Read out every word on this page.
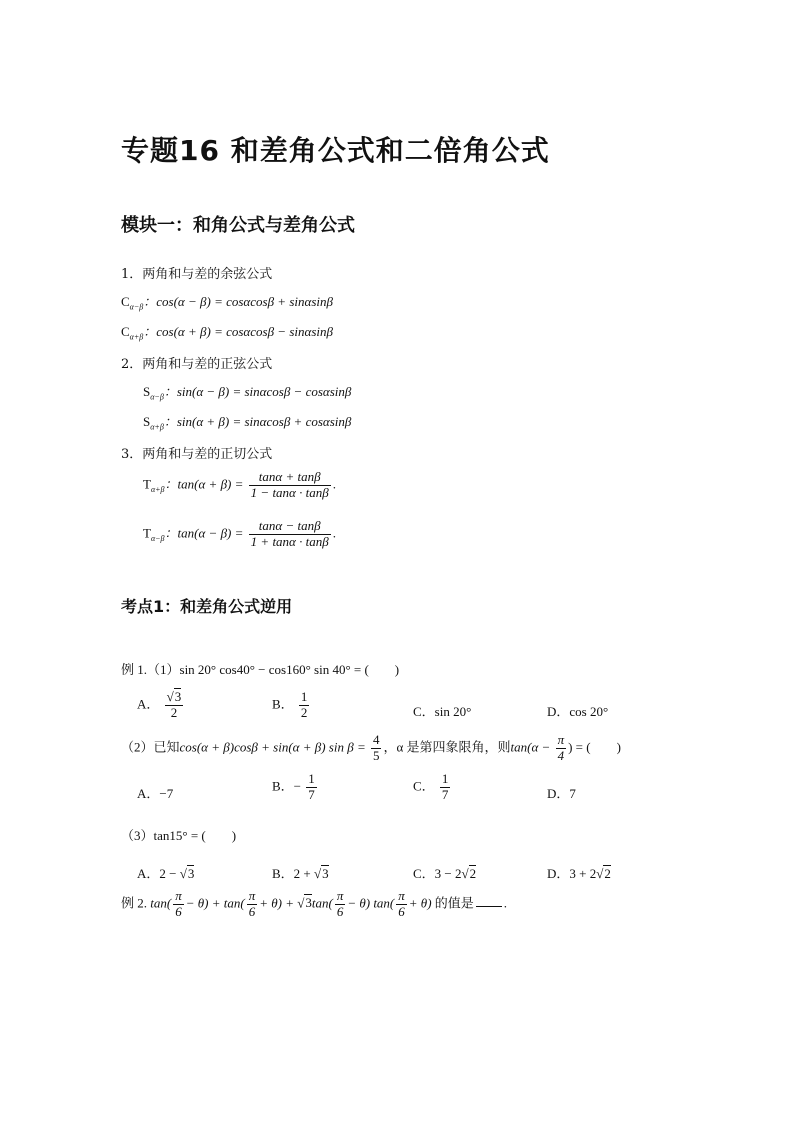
专题16 和差角公式和二倍角公式
模块一：和角公式与差角公式
1．两角和与差的余弦公式
$C_{\alpha-\beta}$：cos(α − β) = cosαcosβ + sinαsinβ
$C_{\alpha+\beta}$：cos(α + β) = cosαcosβ − sinαsinβ
2．两角和与差的正弦公式
$S_{\alpha-\beta}$：sin(α − β) = sinαcosβ − cosαsinβ
$S_{\alpha+\beta}$：sin(α + β) = sinαcosβ + cosαsinβ
3．两角和与差的正切公式
$T_{\alpha+\beta}$：$\tan(\alpha + \beta) = \frac{\tan\alpha + \tan\beta}{1 - \tan\alpha \cdot \tan\beta}$ .
$T_{\alpha-\beta}$：$\tan(\alpha - \beta) = \frac{\tan\alpha - \tan\beta}{1 + \tan\alpha \cdot \tan\beta}$ .
考点1：和差角公式逆用
例 1.（1）sin 20° cos40° − cos160° sin 40° = (　　)
A． $\frac{√3}{2}$	B． $\frac{1}{2}$	C．sin 20°	D．cos 20°
（2）已知cos(α + β)cosβ + sin(α + β) $\sin \beta = \frac{4}{5}$ ，α 是第四象限角，则$\tan(\alpha - \frac{\pi}{4}$ ) = (　　)
A．−7
B．− $\frac{1}{7}$	C． $\frac{1}{7}$	D．7
（3）tan15° = (　　)
A．2 − √3	B．2 + √3	C．3 − 2√2	D．3 + 2√2
例 2. $\tan( \frac{\pi}{6} - \theta) + \tan( \frac{\pi}{6} + \theta) + √3\tan( \frac{\pi}{6} - \theta)$ $\tan( \frac{\pi}{6} + \theta)$ 的值是 .
